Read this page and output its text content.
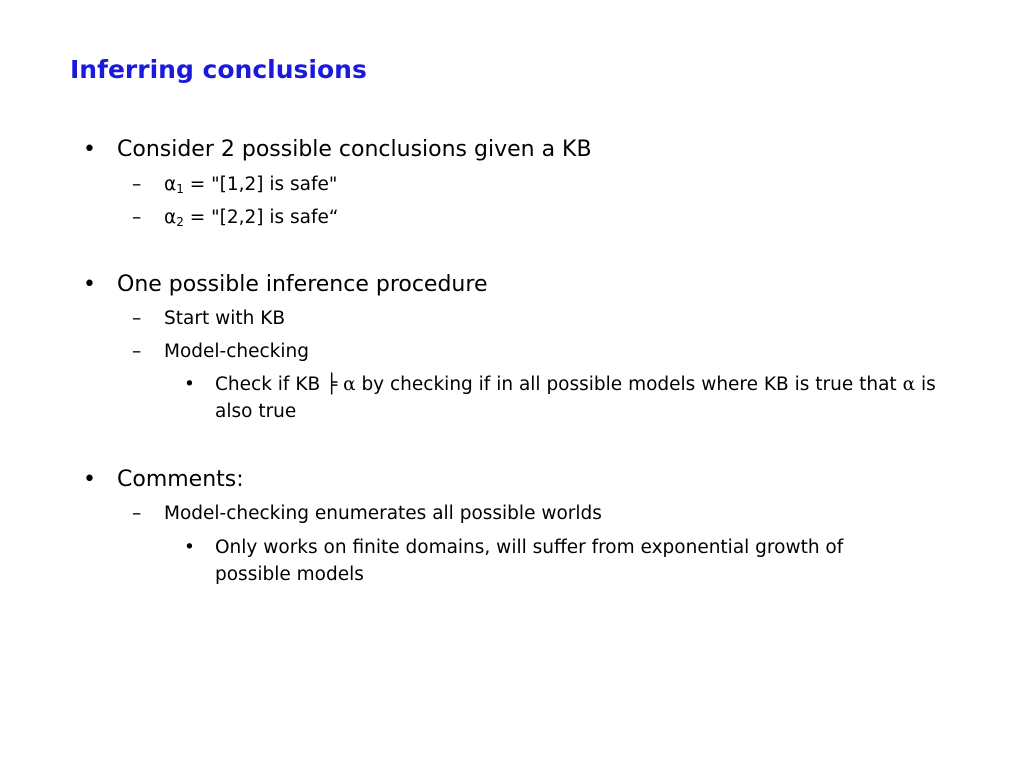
Inferring conclusions
• Consider 2 possible conclusions given a KB
– $\alpha_1$ = "[1,2] is safe"
– $\alpha_2$ = "[2,2] is safe“
• One possible inference procedure
– Start with KB
– Model-checking
• Check if KB ╞ α by checking if in all possible models where KB is true that α is also true
• Comments:
– Model-checking enumerates all possible worlds
• Only works on finite domains, will suffer from exponential growth of possible models
